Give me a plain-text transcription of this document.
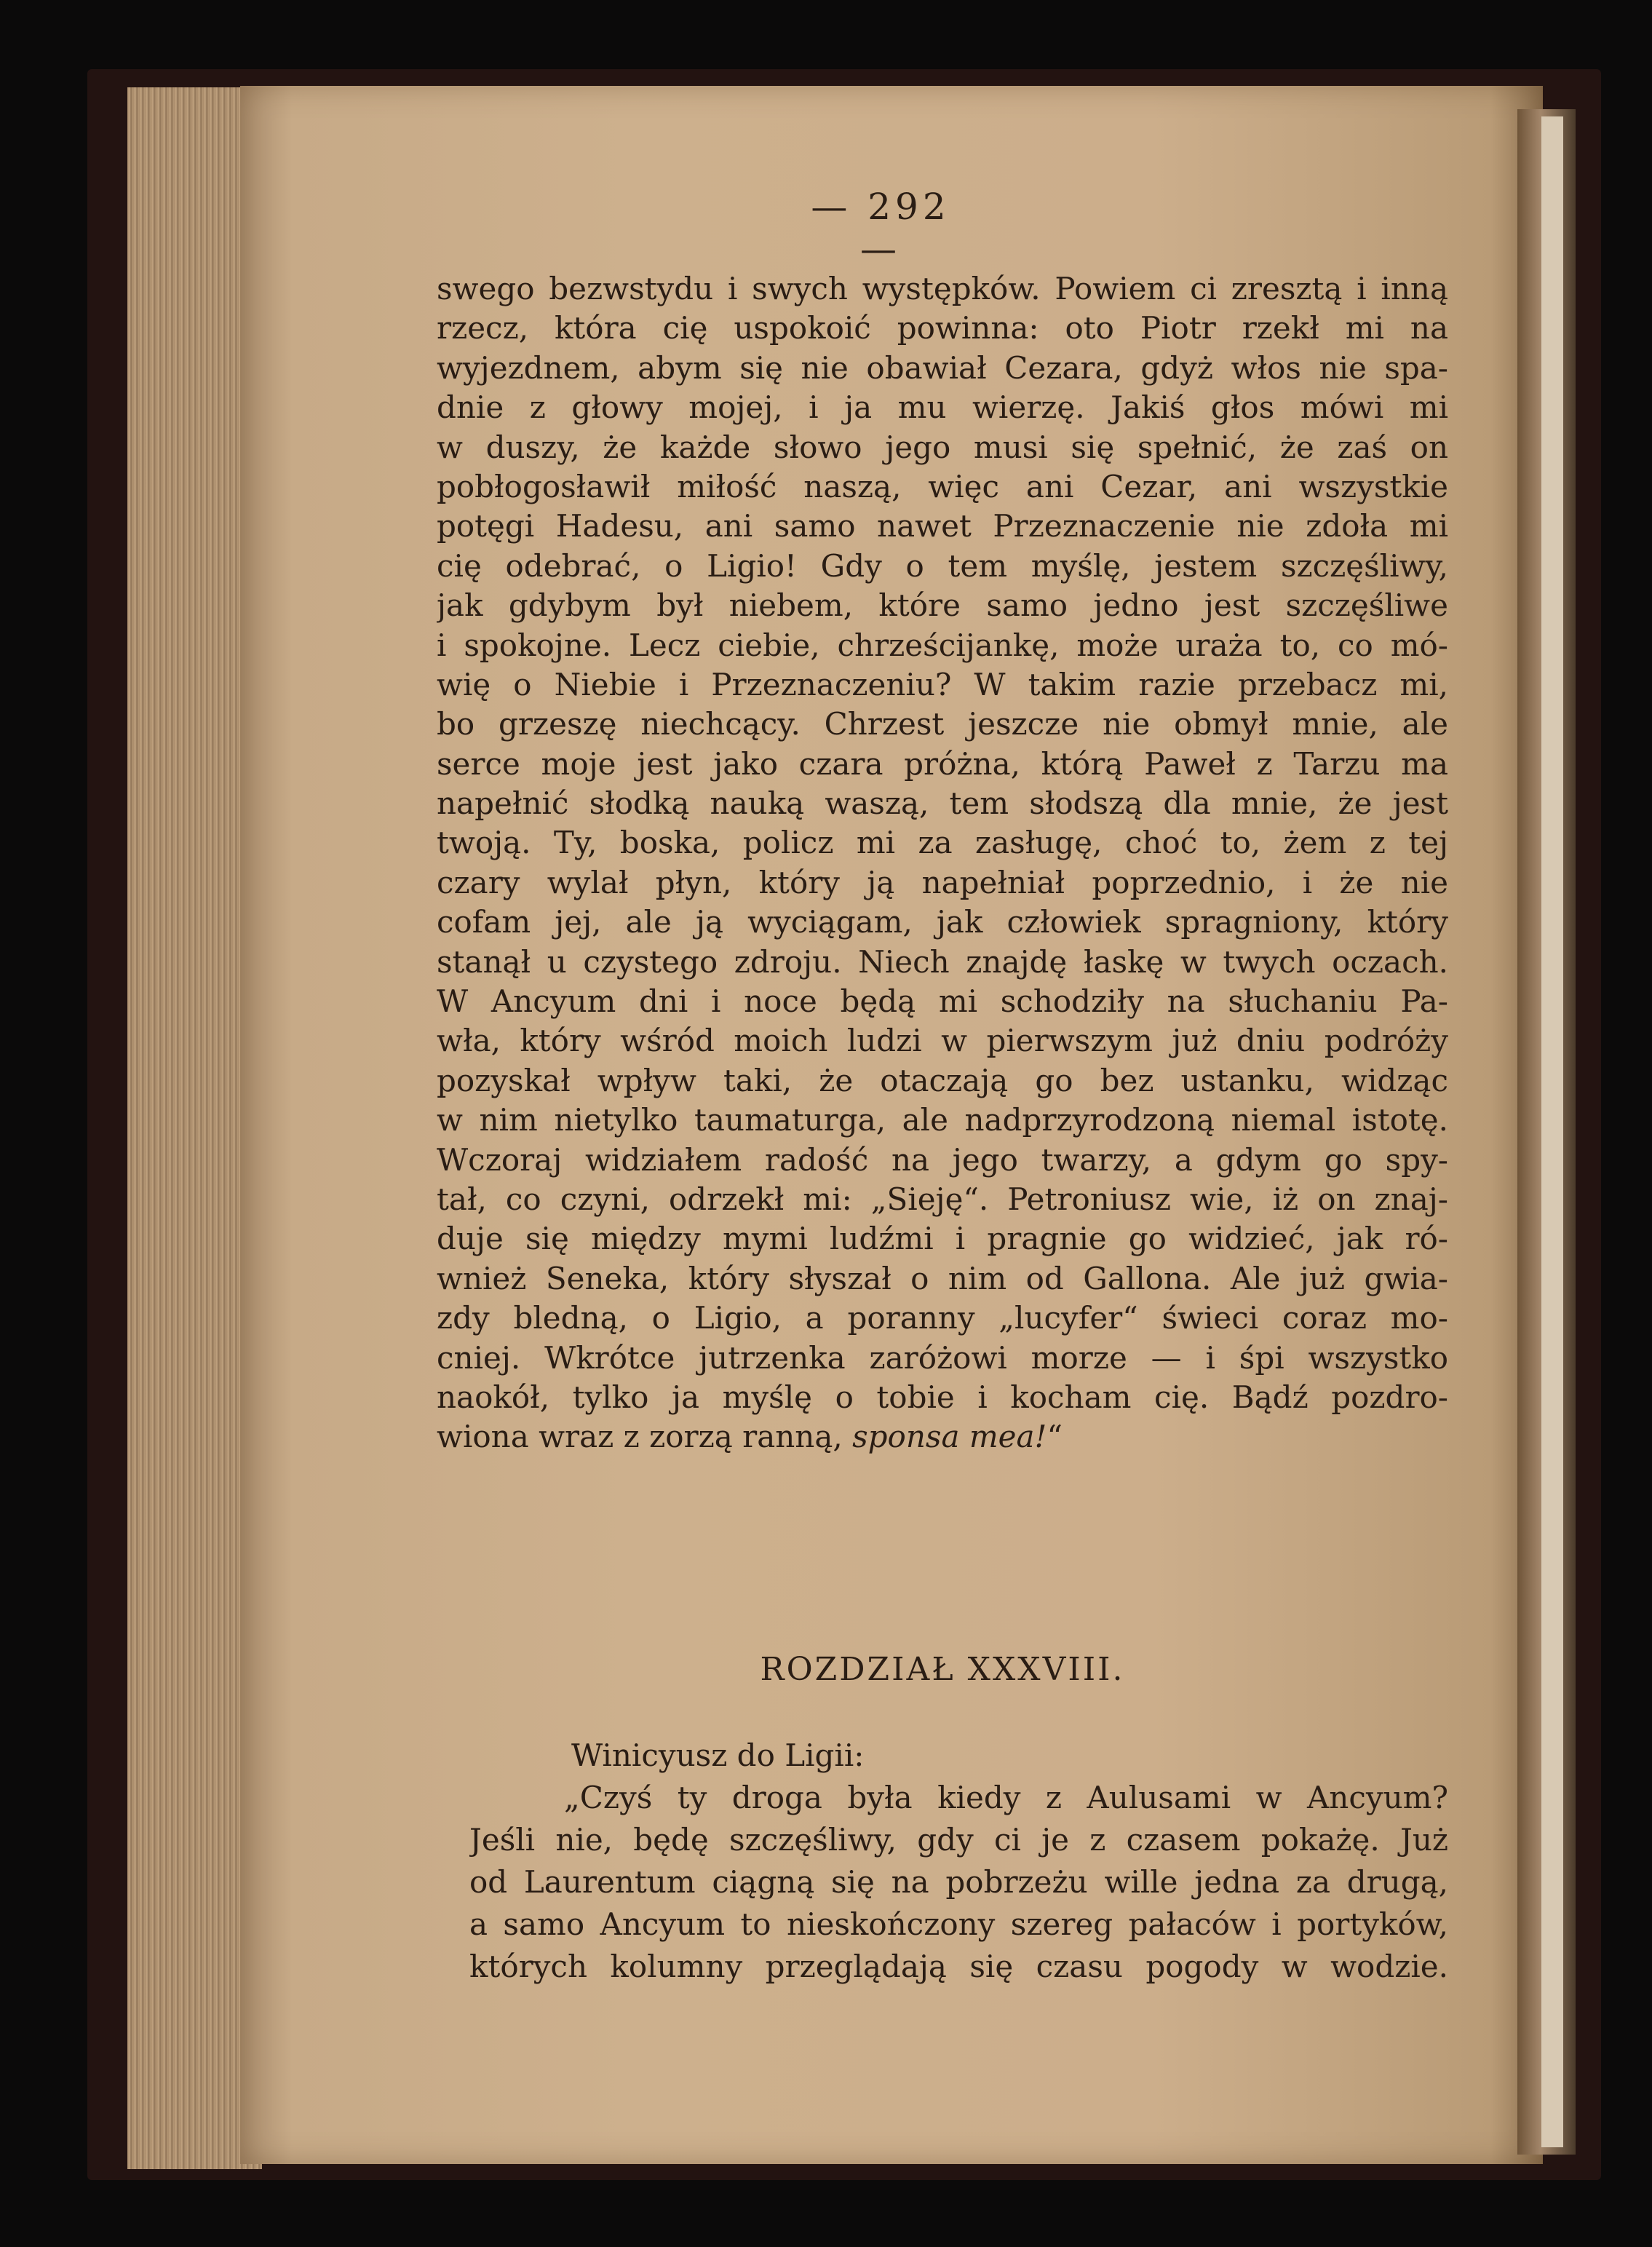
— 292 —
swego bezwstydu i swych występków. Powiem ci zresztą i inną
rzecz, która cię uspokoić powinna: oto Piotr rzekł mi na
wyjezdnem, abym się nie obawiał Cezara, gdyż włos nie spa-
dnie z głowy mojej, i ja mu wierzę. Jakiś głos mówi mi
w duszy, że każde słowo jego musi się spełnić, że zaś on
pobłogosławił miłość naszą, więc ani Cezar, ani wszystkie
potęgi Hadesu, ani samo nawet Przeznaczenie nie zdoła mi
cię odebrać, o Ligio! Gdy o tem myślę, jestem szczęśliwy,
jak gdybym był niebem, które samo jedno jest szczęśliwe
i spokojne. Lecz ciebie, chrześcijankę, może uraża to, co mó-
wię o Niebie i Przeznaczeniu? W takim razie przebacz mi,
bo grzeszę niechcący. Chrzest jeszcze nie obmył mnie, ale
serce moje jest jako czara próżna, którą Paweł z Tarzu ma
napełnić słodką nauką waszą, tem słodszą dla mnie, że jest
twoją. Ty, boska, policz mi za zasługę, choć to, żem z tej
czary wylał płyn, który ją napełniał poprzednio, i że nie
cofam jej, ale ją wyciągam, jak człowiek spragniony, który
stanął u czystego zdroju. Niech znajdę łaskę w twych oczach.
W Ancyum dni i noce będą mi schodziły na słuchaniu Pa-
wła, który wśród moich ludzi w pierwszym już dniu podróży
pozyskał wpływ taki, że otaczają go bez ustanku, widząc
w nim nietylko taumaturga, ale nadprzyrodzoną niemal istotę.
Wczoraj widziałem radość na jego twarzy, a gdym go spy-
tał, co czyni, odrzekł mi: „Sieję“. Petroniusz wie, iż on znaj-
duje się między mymi ludźmi i pragnie go widzieć, jak ró-
wnież Seneka, który słyszał o nim od Gallona. Ale już gwia-
zdy bledną, o Ligio, a poranny „lucyfer“ świeci coraz mo-
cniej. Wkrótce jutrzenka zaróżowi morze — i śpi wszystko
naokół, tylko ja myślę o tobie i kocham cię. Bądź pozdro-
wiona wraz z zorzą ranną, sponsa mea!“
ROZDZIAŁ XXXVIII.
Winicyusz do Ligii:
„Czyś ty droga była kiedy z Aulusami w Ancyum?
Jeśli nie, będę szczęśliwy, gdy ci je z czasem pokażę. Już
od Laurentum ciągną się na pobrzeżu wille jedna za drugą,
a samo Ancyum to nieskończony szereg pałaców i portyków,
których kolumny przeglądają się czasu pogody w wodzie.
